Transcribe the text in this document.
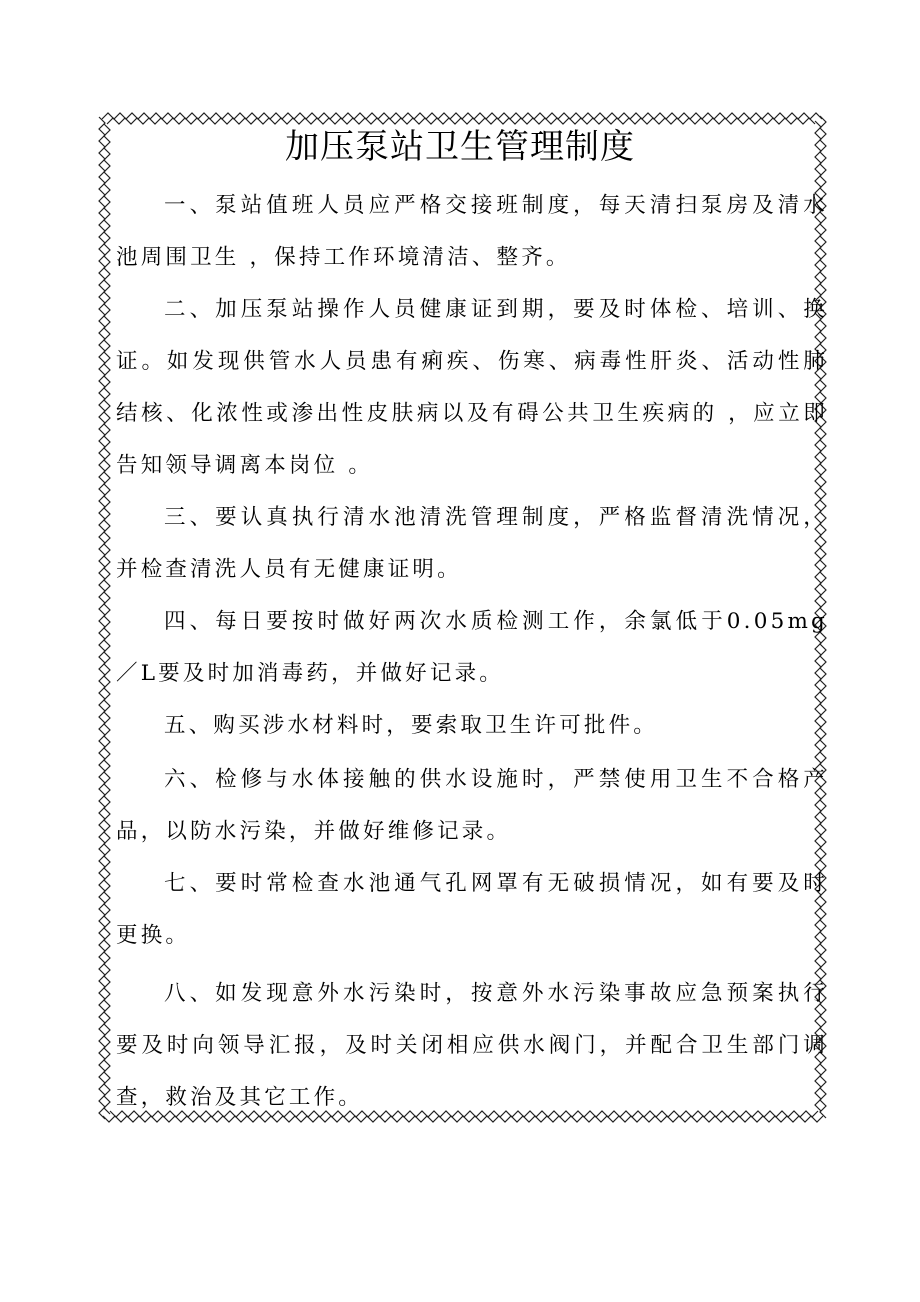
加压泵站卫生管理制度
一、泵站值班人员应严格交接班制度，每天清扫泵房及清水池周围卫生 ，保持工作环境清洁、整齐。
二、加压泵站操作人员健康证到期，要及时体检、培训、换证。如发现供管水人员患有痢疾、伤寒、病毒性肝炎、活动性肺结核、化浓性或渗出性皮肤病以及有碍公共卫生疾病的 ，应立即告知领导调离本岗位 。
三、要认真执行清水池清洗管理制度，严格监督清洗情况，并检查清洗人员有无健康证明。
四、每日要按时做好两次水质检测工作，余氯低于0.05mg／L要及时加消毒药，并做好记录。
五、购买涉水材料时，要索取卫生许可批件。
六、检修与水体接触的供水设施时，严禁使用卫生不合格产品，以防水污染，并做好维修记录。
七、要时常检查水池通气孔网罩有无破损情况，如有要及时更换。
八、如发现意外水污染时，按意外水污染事故应急预案执行要及时向领导汇报，及时关闭相应供水阀门，并配合卫生部门调查，救治及其它工作。
